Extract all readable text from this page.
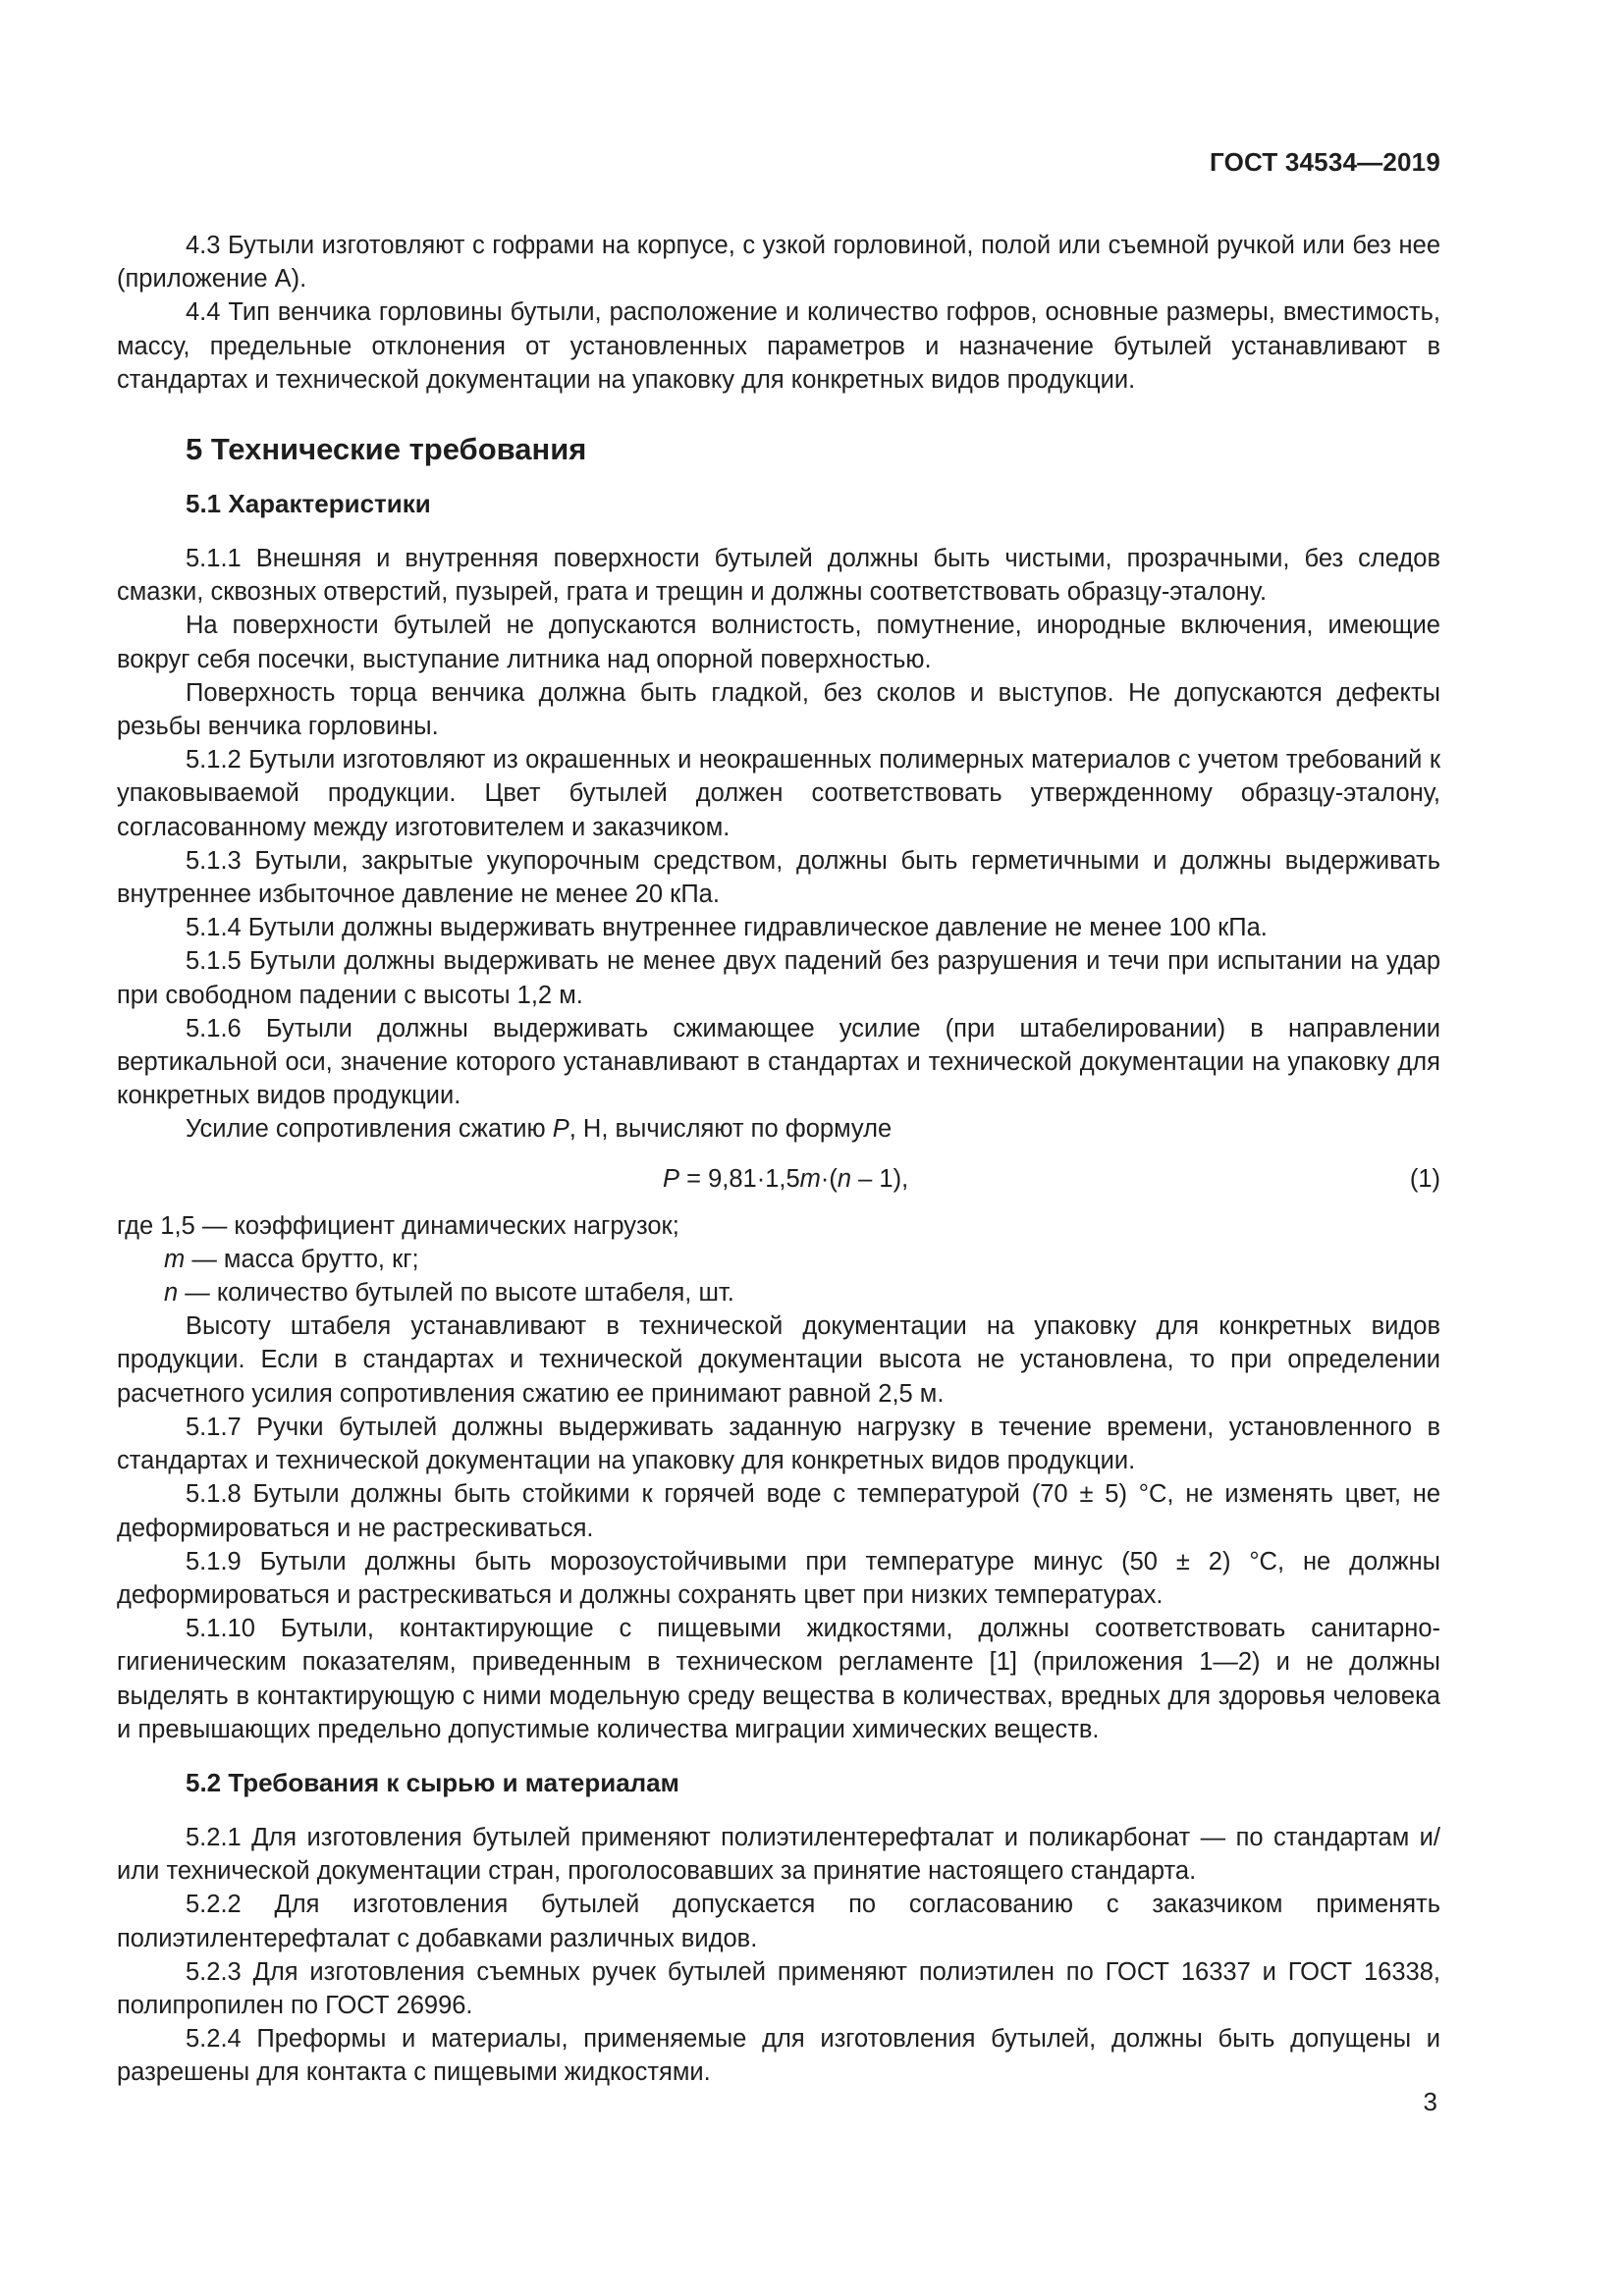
ГОСТ 34534—2019

4.3 Бутыли изготовляют с гофрами на корпусе, с узкой горловиной, полой или съемной ручкой или без нее (приложение А).

4.4 Тип венчика горловины бутыли, расположение и количество гофров, основные размеры, вместимость, массу, предельные отклонения от установленных параметров и назначение бутылей устанавливают в стандартах и технической документации на упаковку для конкретных видов продукции.

5 Технические требования
5.1 Характеристики

5.1.1 Внешняя и внутренняя поверхности бутылей должны быть чистыми, прозрачными, без следов смазки, сквозных отверстий, пузырей, грата и трещин и должны соответствовать образцу-эталону.

На поверхности бутылей не допускаются волнистость, помутнение, инородные включения, имеющие вокруг себя посечки, выступание литника над опорной поверхностью.

Поверхность торца венчика должна быть гладкой, без сколов и выступов. Не допускаются дефекты резьбы венчика горловины.

5.1.2 Бутыли изготовляют из окрашенных и неокрашенных полимерных материалов с учетом требований к упаковываемой продукции. Цвет бутылей должен соответствовать утвержденному образцу-эталону, согласованному между изготовителем и заказчиком.

5.1.3 Бутыли, закрытые укупорочным средством, должны быть герметичными и должны выдерживать внутреннее избыточное давление не менее 20 кПа.

5.1.4 Бутыли должны выдерживать внутреннее гидравлическое давление не менее 100 кПа.

5.1.5 Бутыли должны выдерживать не менее двух падений без разрушения и течи при испытании на удар при свободном падении с высоты 1,2 м.

5.1.6 Бутыли должны выдерживать сжимающее усилие (при штабелировании) в направлении вертикальной оси, значение которого устанавливают в стандартах и технической документации на упаковку для конкретных видов продукции.

Усилие сопротивления сжатию P, Н, вычисляют по формуле

P = 9,81·1,5m·(n – 1),	(1)

где 1,5 — коэффициент динамических нагрузок;

m — масса брутто, кг;

n — количество бутылей по высоте штабеля, шт.

Высоту штабеля устанавливают в технической документации на упаковку для конкретных видов продукции. Если в стандартах и технической документации высота не установлена, то при определении расчетного усилия сопротивления сжатию ее принимают равной 2,5 м.

5.1.7 Ручки бутылей должны выдерживать заданную нагрузку в течение времени, установленного в стандартах и технической документации на упаковку для конкретных видов продукции.

5.1.8 Бутыли должны быть стойкими к горячей воде с температурой (70 ± 5) °С, не изменять цвет, не деформироваться и не растрескиваться.

5.1.9 Бутыли должны быть морозоустойчивыми при температуре минус (50 ± 2) °С, не должны деформироваться и растрескиваться и должны сохранять цвет при низких температурах.

5.1.10 Бутыли, контактирующие с пищевыми жидкостями, должны соответствовать санитарно-гигиеническим показателям, приведенным в техническом регламенте [1] (приложения 1—2) и не должны выделять в контактирующую с ними модельную среду вещества в количествах, вредных для здоровья человека и превышающих предельно допустимые количества миграции химических веществ.

5.2 Требования к сырью и материалам

5.2.1 Для изготовления бутылей применяют полиэтилентерефталат и поликарбонат — по стандартам и/или технической документации стран, проголосовавших за принятие настоящего стандарта.

5.2.2 Для изготовления бутылей допускается по согласованию с заказчиком применять полиэтилентерефталат с добавками различных видов.

5.2.3 Для изготовления съемных ручек бутылей применяют полиэтилен по ГОСТ 16337 и ГОСТ 16338, полипропилен по ГОСТ 26996.

5.2.4 Преформы и материалы, применяемые для изготовления бутылей, должны быть допущены и разрешены для контакта с пищевыми жидкостями.

3
